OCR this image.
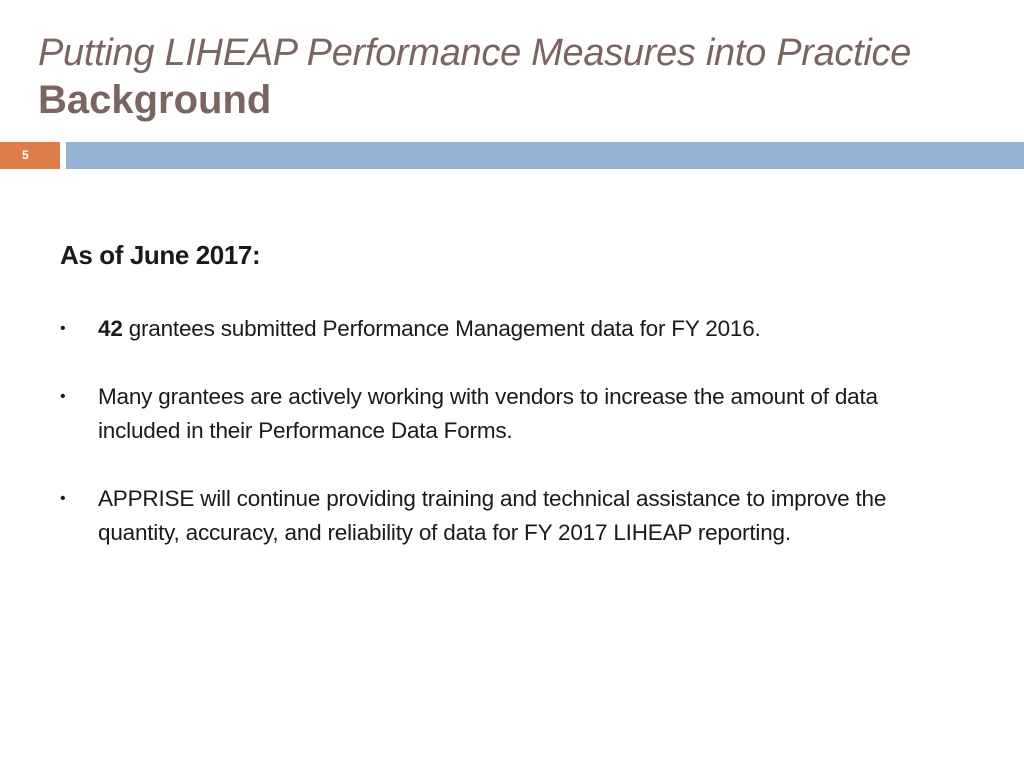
Putting LIHEAP Performance Measures into Practice
Background
5
As of June 2017:
• 42 grantees submitted Performance Management data for FY 2016.
• Many grantees are actively working with vendors to increase the amount of data included in their Performance Data Forms.
• APPRISE will continue providing training and technical assistance to improve the quantity, accuracy, and reliability of data for FY 2017 LIHEAP reporting.
